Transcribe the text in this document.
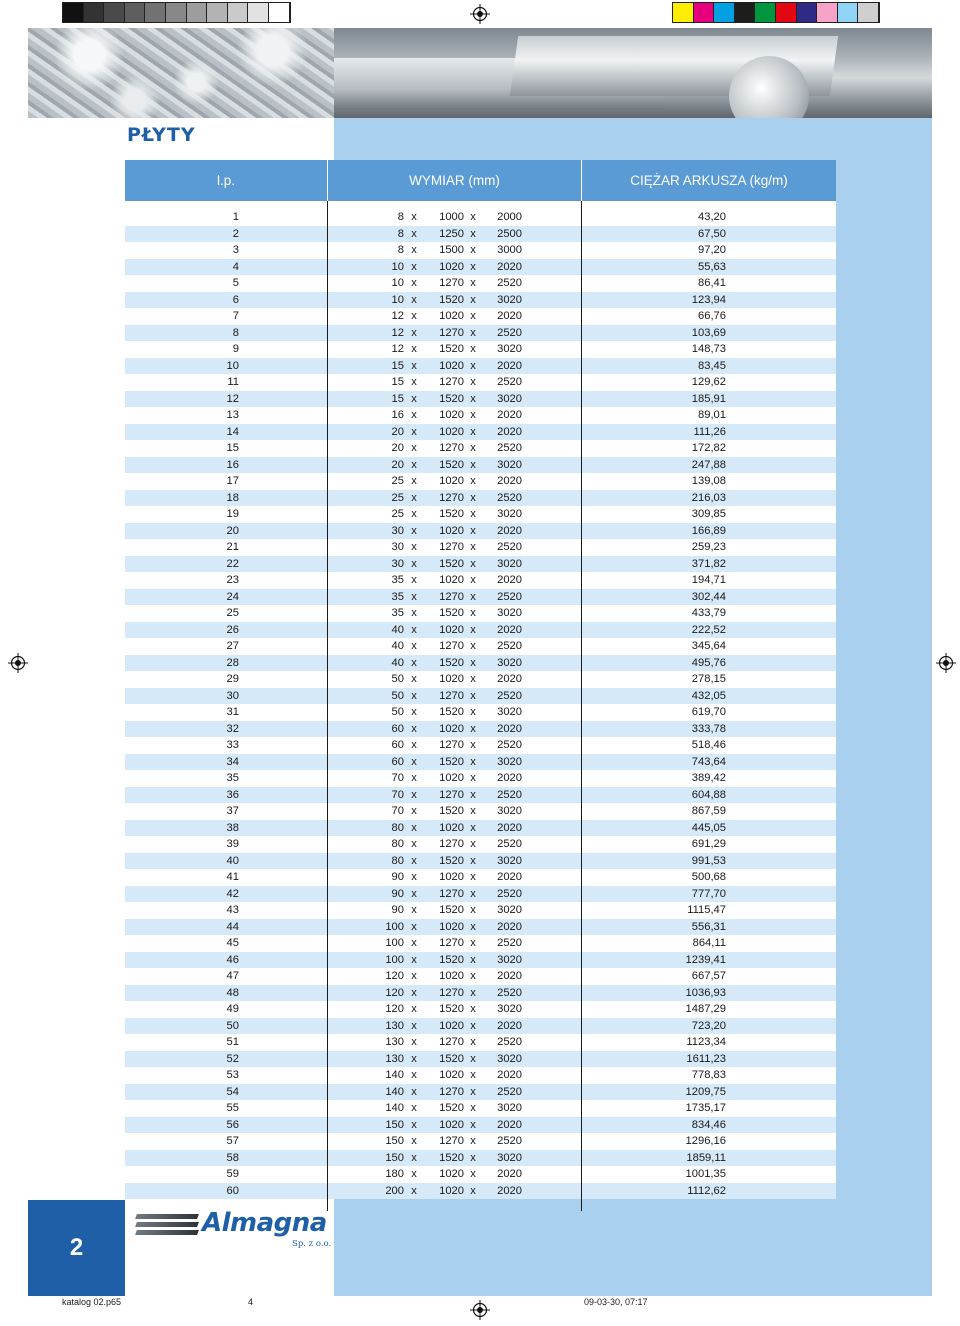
PŁYTY
l.p.	WYMIAR (mm)	CIĘŻAR ARKUSZA (kg/m)
1	8 x	1000 x	2000	43,20
2	8 x	1250 x	2500	67,50
3	8 x	1500 x	3000	97,20
4	10 x	1020 x	2020	55,63
5	10 x	1270 x	2520	86,41
6	10 x	1520 x	3020	123,94
7	12 x	1020 x	2020	66,76
8	12 x	1270 x	2520	103,69
9	12 x	1520 x	3020	148,73
10	15 x	1020 x	2020	83,45
11	15 x	1270 x	2520	129,62
12	15 x	1520 x	3020	185,91
13	16 x	1020 x	2020	89,01
14	20 x	1020 x	2020	111,26
15	20 x	1270 x	2520	172,82
16	20 x	1520 x	3020	247,88
17	25 x	1020 x	2020	139,08
18	25 x	1270 x	2520	216,03
19	25 x	1520 x	3020	309,85
20	30 x	1020 x	2020	166,89
21	30 x	1270 x	2520	259,23
22	30 x	1520 x	3020	371,82
23	35 x	1020 x	2020	194,71
24	35 x	1270 x	2520	302,44
25	35 x	1520 x	3020	433,79
26	40 x	1020 x	2020	222,52
27	40 x	1270 x	2520	345,64
28	40 x	1520 x	3020	495,76
29	50 x	1020 x	2020	278,15
30	50 x	1270 x	2520	432,05
31	50 x	1520 x	3020	619,70
32	60 x	1020 x	2020	333,78
33	60 x	1270 x	2520	518,46
34	60 x	1520 x	3020	743,64
35	70 x	1020 x	2020	389,42
36	70 x	1270 x	2520	604,88
37	70 x	1520 x	3020	867,59
38	80 x	1020 x	2020	445,05
39	80 x	1270 x	2520	691,29
40	80 x	1520 x	3020	991,53
41	90 x	1020 x	2020	500,68
42	90 x	1270 x	2520	777,70
43	90 x	1520 x	3020	1115,47
44	100 x	1020 x	2020	556,31
45	100 x	1270 x	2520	864,11
46	100 x	1520 x	3020	1239,41
47	120 x	1020 x	2020	667,57
48	120 x	1270 x	2520	1036,93
49	120 x	1520 x	3020	1487,29
50	130 x	1020 x	2020	723,20
51	130 x	1270 x	2520	1123,34
52	130 x	1520 x	3020	1611,23
53	140 x	1020 x	2020	778,83
54	140 x	1270 x	2520	1209,75
55	140 x	1520 x	3020	1735,17
56	150 x	1020 x	2020	834,46
57	150 x	1270 x	2520	1296,16
58	150 x	1520 x	3020	1859,11
59	180 x	1020 x	2020	1001,35
60	200 x	1020 x	2020	1112,62
2
Almagna
Sp. z o.o.
katalog 02.p65	4	09-03-30, 07:17
